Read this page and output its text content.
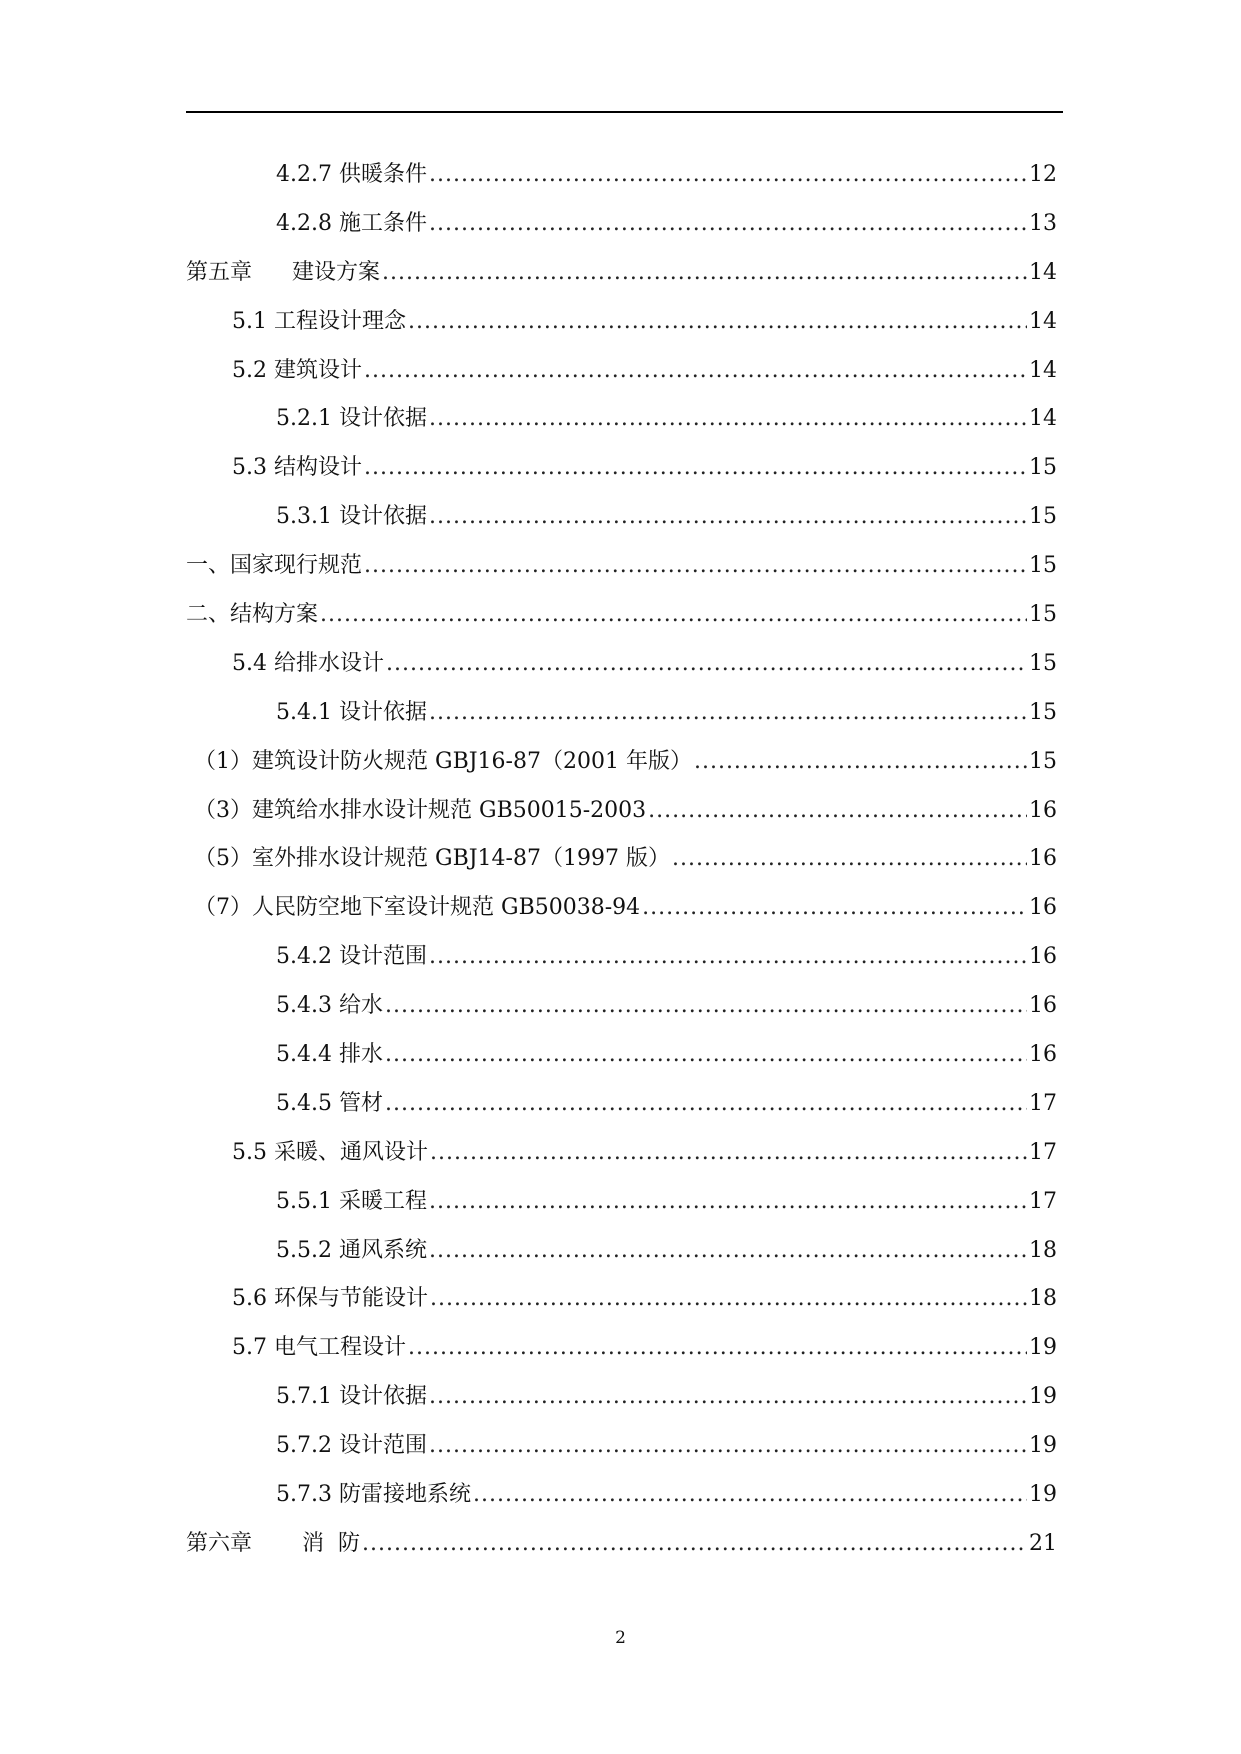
4.2.7 供暖条件 .....	12
4.2.8 施工条件 .....	13
第五章 建设方案 .....	14
5.1 工程设计理念 .....	14
5.2 建筑设计 .....	14
5.2.1 设计依据 .....	14
5.3 结构设计 .....	15
5.3.1 设计依据 .....	15
一、国家现行规范 .....	15
二、结构方案 .....	15
5.4 给排水设计 .....	15
5.4.1 设计依据 .....	15
（1）建筑设计防火规范 GBJ16-87（2001 年版） .....	15
（3）建筑给水排水设计规范 GB50015-2003 .....	16
（5）室外排水设计规范 GBJ14-87（1997 版） .....	16
（7）人民防空地下室设计规范 GB50038-94 .....	16
5.4.2 设计范围 .....	16
5.4.3 给水 .....	16
5.4.4 排水 .....	16
5.4.5 管材 .....	17
5.5 采暖、通风设计 .....	17
5.5.1 采暖工程 .....	17
5.5.2 通风系统 .....	18
5.6 环保与节能设计 .....	18
5.7 电气工程设计 .....	19
5.7.1 设计依据 .....	19
5.7.2 设计范围 .....	19
5.7.3 防雷接地系统 .....	19
第六章 消  防 .....	21
2
